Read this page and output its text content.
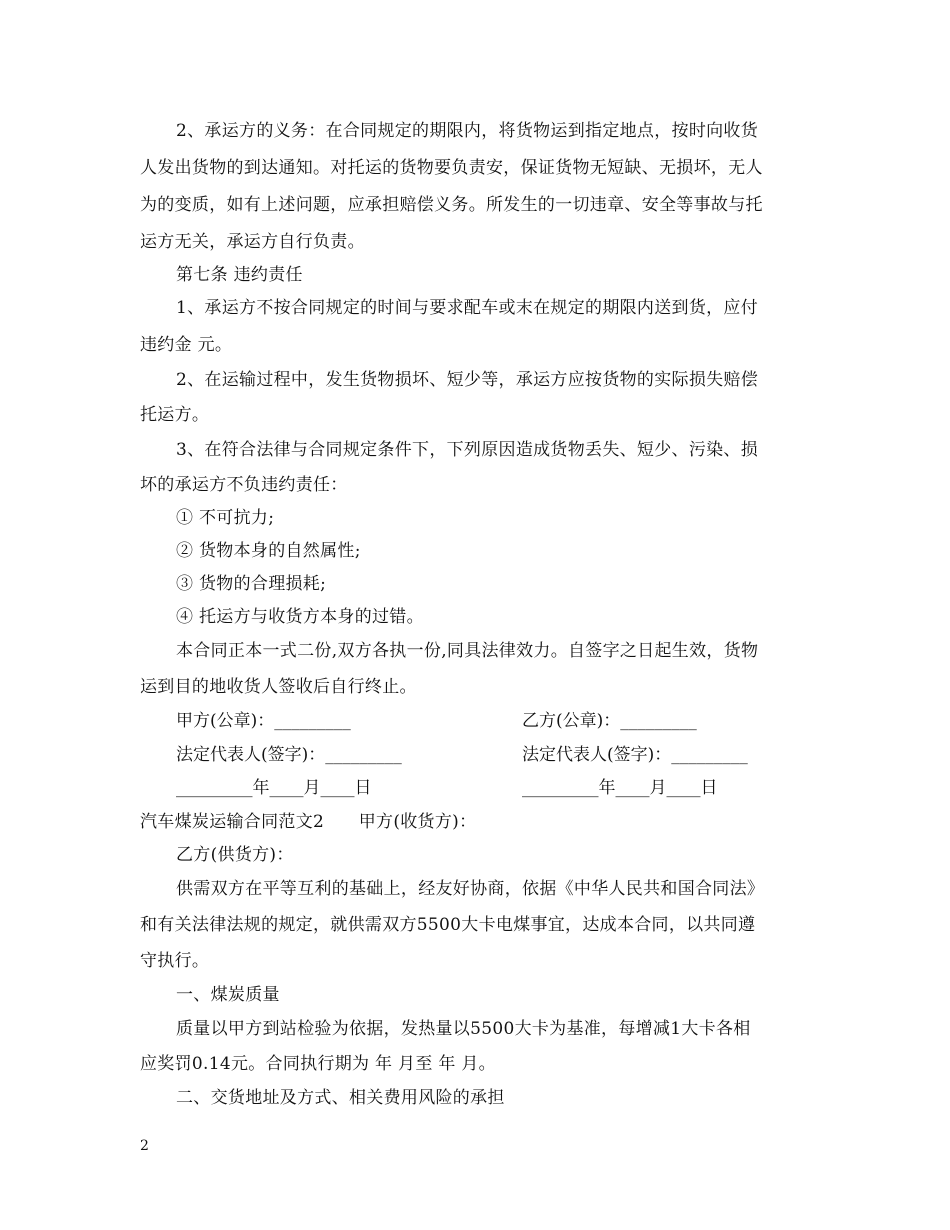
2、承运方的义务：在合同规定的期限内，将货物运到指定地点，按时向收货
人发出货物的到达通知。对托运的货物要负责安，保证货物无短缺、无损坏，无人
为的变质，如有上述问题，应承担赔偿义务。所发生的一切违章、安全等事故与托
运方无关，承运方自行负责。
第七条 违约责任
1、承运方不按合同规定的时间与要求配车或末在规定的期限内送到货，应付
违约金 元。
2、在运输过程中，发生货物损坏、短少等，承运方应按货物的实际损失赔偿
托运方。
3、在符合法律与合同规定条件下，下列原因造成货物丢失、短少、污染、损
坏的承运方不负违约责任：
① 不可抗力;
② 货物本身的自然属性;
③ 货物的合理损耗;
④ 托运方与收货方本身的过错。
本合同正本一式二份,双方各执一份,同具法律效力。自签字之日起生效，货物
运到目的地收货人签收后自行终止。
甲方(公章)：_________	乙方(公章)：_________
法定代表人(签字)：_________	法定代表人(签字)：_________
_________年____月____日	_________年____月____日
汽车煤炭运输合同范文2　　甲方(收货方)：
乙方(供货方)：
供需双方在平等互利的基础上，经友好协商，依据《中华人民共和国合同法》
和有关法律法规的规定，就供需双方5500大卡电煤事宜，达成本合同，以共同遵
守执行。
一、煤炭质量
质量以甲方到站检验为依据，发热量以5500大卡为基准，每增减1大卡各相
应奖罚0.14元。合同执行期为 年 月至 年 月。
二、交货地址及方式、相关费用风险的承担
2
